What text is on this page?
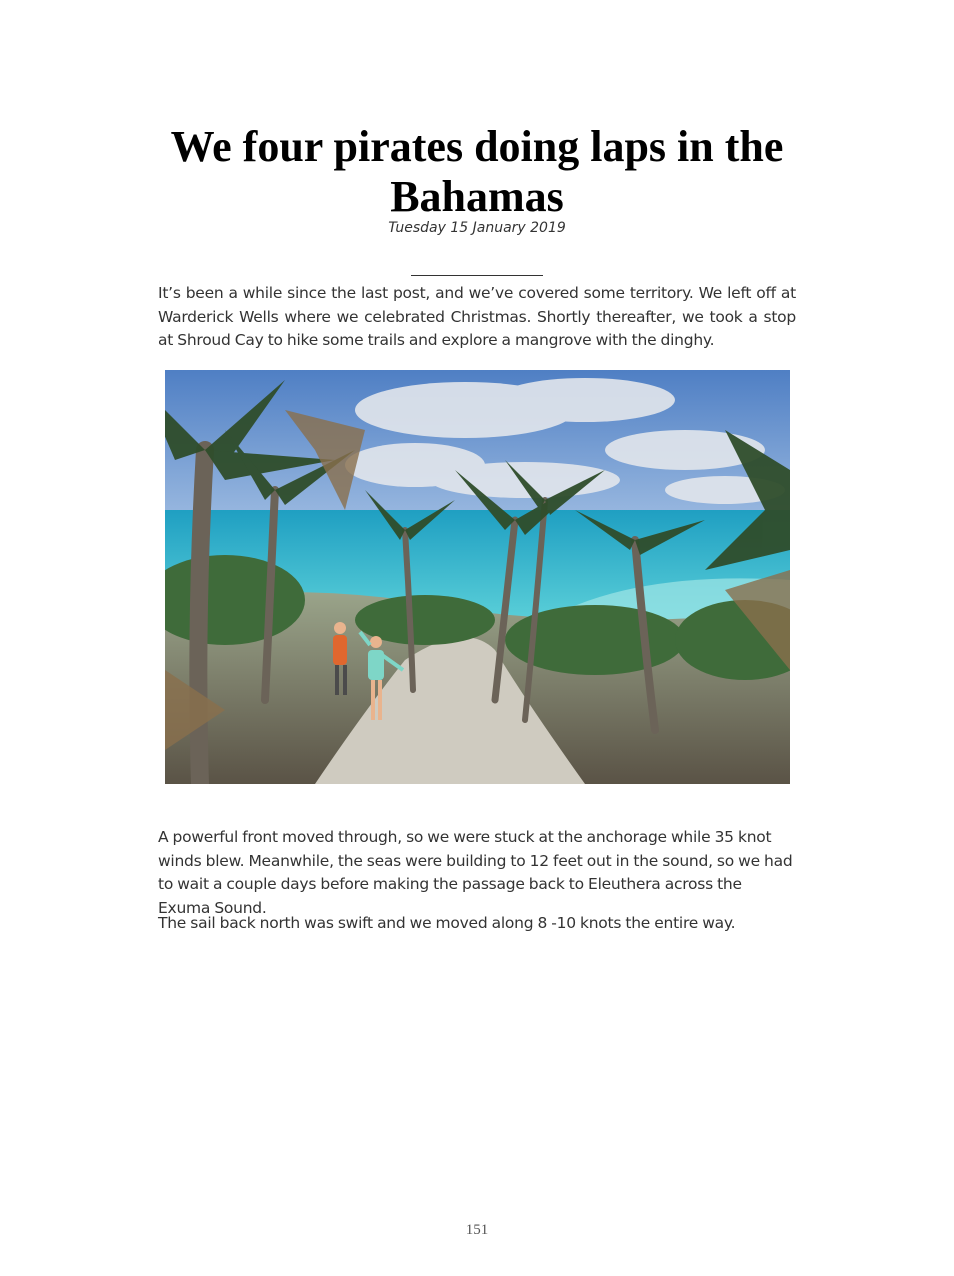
We four pirates doing laps in the Bahamas
Tuesday 15 January 2019

It’s been a while since the last post, and we’ve covered some territory. We left off at Warderick Wells where we celebrated Christmas. Shortly thereafter, we took a stop at Shroud Cay to hike some trails and explore a mangrove with the dinghy.

A powerful front moved through, so we were stuck at the anchorage while 35 knot winds blew. Meanwhile, the seas were building to 12 feet out in the sound, so we had to wait a couple days before making the passage back to Eleuthera across the Exuma Sound.

The sail back north was swift and we moved along 8 -10 knots the entire way.

151
